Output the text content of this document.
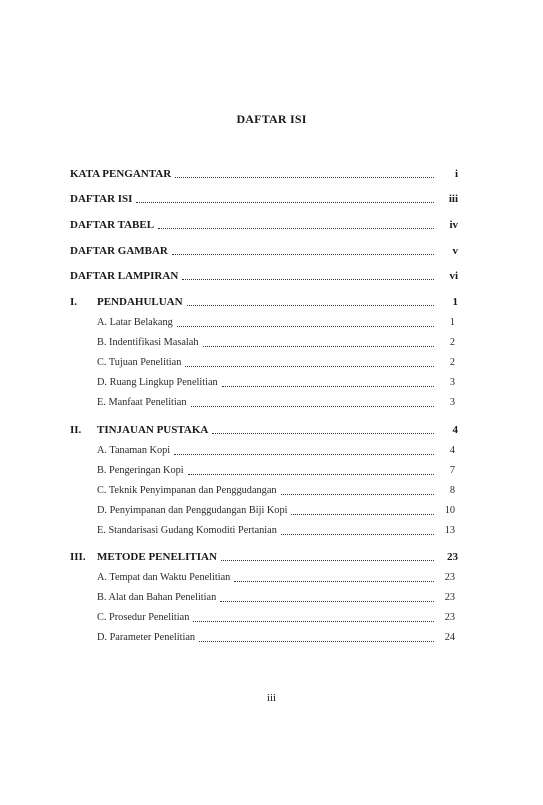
DAFTAR ISI
KATA PENGANTAR	i
DAFTAR ISI	iii
DAFTAR TABEL	iv
DAFTAR GAMBAR	v
DAFTAR LAMPIRAN	vi
I.	PENDAHULUAN	1
A. Latar Belakang	1
B. Indentifikasi Masalah	2
C. Tujuan Penelitian	2
D. Ruang Lingkup Penelitian	3
E. Manfaat Penelitian	3
II.	TINJAUAN PUSTAKA	4
A. Tanaman Kopi	4
B. Pengeringan Kopi	7
C. Teknik Penyimpanan dan Penggudangan	8
D. Penyimpanan dan Penggudangan Biji Kopi	10
E. Standarisasi Gudang Komoditi Pertanian	13
III.	METODE PENELITIAN	23
A. Tempat dan Waktu Penelitian	23
B. Alat dan Bahan Penelitian	23
C. Prosedur Penelitian	23
D. Parameter Penelitian	24
iii
